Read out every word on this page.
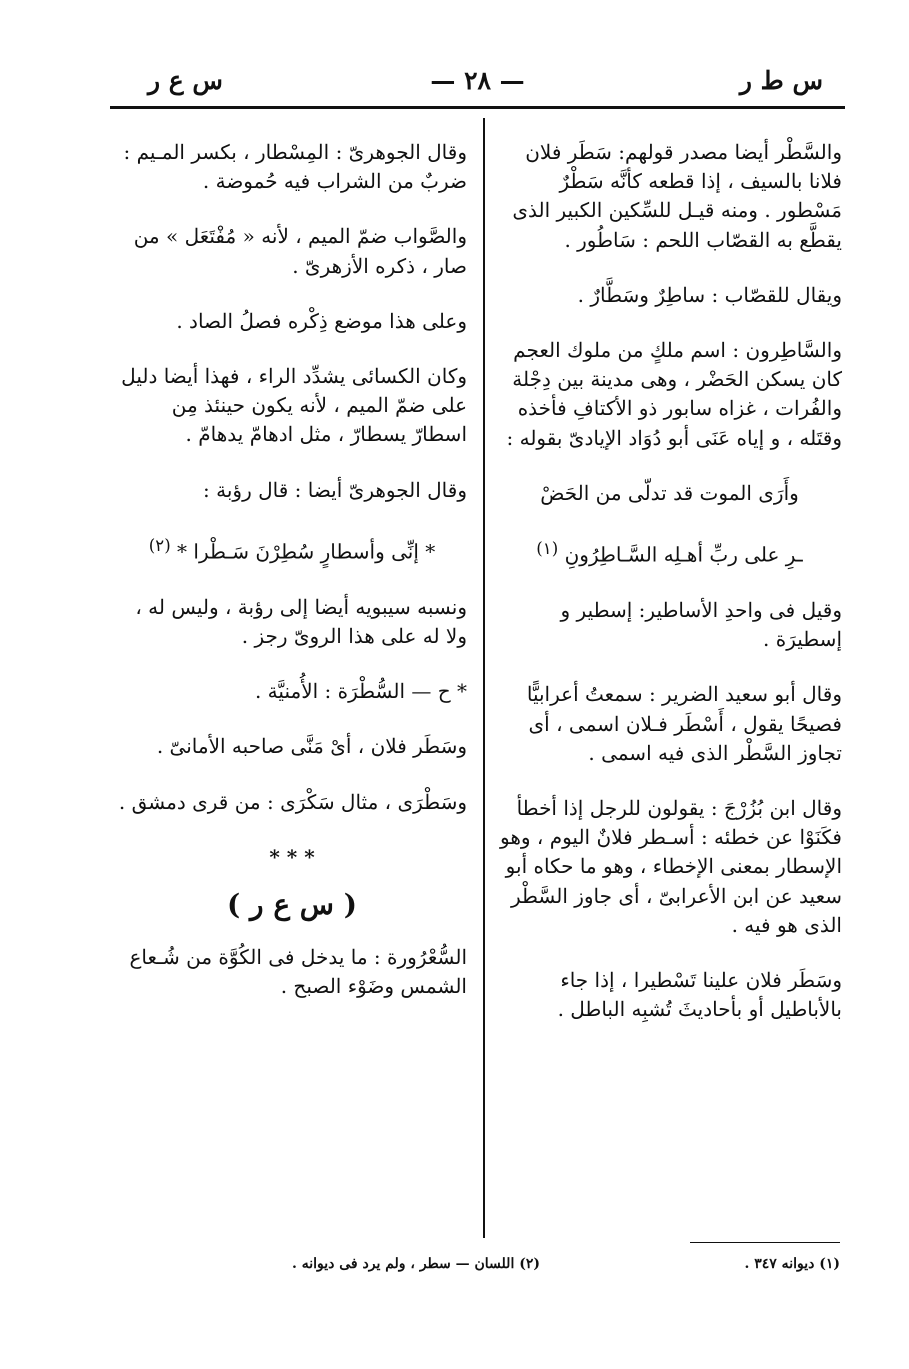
س ط ر
— ٢٨ —
س ع ر

والسَّطْر أيضا مصدر قولهم: سَطَر فلان فلانا بالسيف ، إذا قطعه كأنَّه سَطْرٌ مَسْطور . ومنه قيـل للسِّكين الكبير الذى يقطَّع به القصّاب اللحم : سَاطُور .

ويقال للقصّاب : ساطِرٌ وسَطَّارٌ .

والسَّاطِرون : اسم ملكٍ من ملوك العجم كان يسكن الحَضْر ، وهى مدينة بين دِجْلة والفُرات ، غزاه سابور ذو الأكتافِ فأخذه وقتَله ، و إياه عَنَى أبو دُوَاد الإيادىّ بقوله :

وأَرَى الموت قد تدلّى من الحَضْ

ـرِ على ربِّ أهـلِه السَّـاطِرُونِ $^{(١)}$

وقيل فى واحدِ الأساطير: إسطير و إسطيرَة .

وقال أبو سعيد الضرير : سمعتُ أعرابيًّا فصيحًا يقول ، أَسْطَر فـلان اسمى ، أى تجاوز السَّطْر الذى فيه اسمى .

وقال ابن بُزُرْجَ : يقولون للرجل إذا أخطأ فكَنَوْا عن خطئه : أسـطر فلانٌ اليوم ، وهو الإسطار بمعنى الإخطاء ، وهو ما حكاه أبو سعيد عن ابن الأعرابىّ ، أى جاوز السَّطْر الذى هو فيه .

وسَطَر فلان علينا تَسْطيرا ، إذا جاء بالأباطيل أو بأحاديثَ تُشبِه الباطل .

وقال الجوهرىّ : المِسْطار ، بكسر المـيم : ضربٌ من الشراب فيه حُموضة .

والصَّواب ضمّ الميم ، لأنه « مُفْتَعَل » من صار ، ذكره الأزهرىّ .

وعلى هذا موضع ذِكْره فصلُ الصاد .

وكان الكسائى يشدِّد الراء ، فهذا أيضا دليل على ضمّ الميم ، لأنه يكون حينئذ مِن اسطارّ يسطارّ ، مثل ادهامّ يدهامّ .

وقال الجوهرىّ أيضا : قال رؤبة :

* إنِّى وأسطارٍ سُطِرْنَ سَـطْرا * $^{(٢)}$

ونسبه سيبويه أيضا إلى رؤبة ، وليس له ، ولا له على هذا الروىّ رجز .

* ح — السُّطْرَة : الأُمنيَّة .

وسَطَر فلان ، أىْ مَنَّى صاحبه الأمانىّ .

وسَطْرَى ، مثال سَكْرَى : من قرى دمشق .

* * *
( س ع ر )

السُّعْرُورة : ما يدخل فى الكُوَّة من شُـعاع الشمس وضَوْء الصبح .

(١) ديوانه ٣٤٧ .
(٢) اللسان — سطر ، ولم يرد فى ديوانه .
